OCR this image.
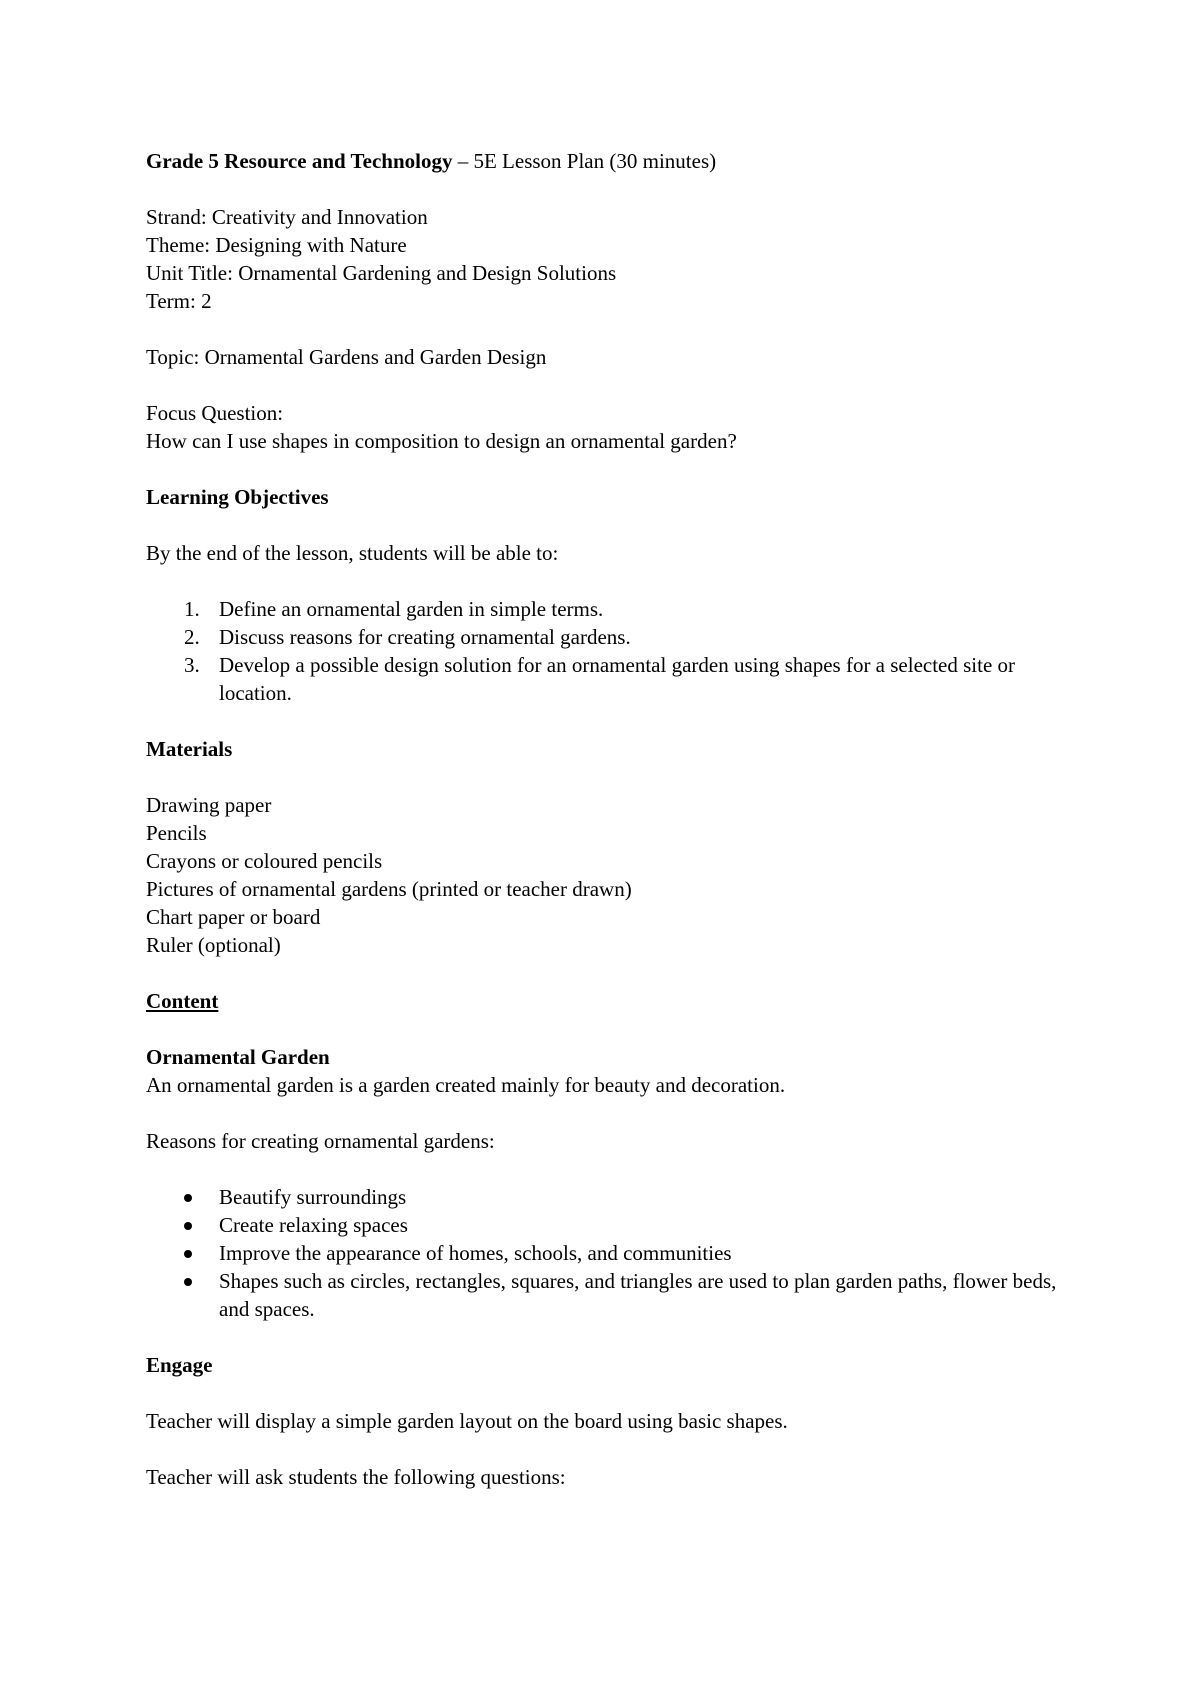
Grade 5 Resource and Technology – 5E Lesson Plan (30 minutes)
Strand: Creativity and Innovation
Theme: Designing with Nature
Unit Title: Ornamental Gardening and Design Solutions
Term: 2
Topic: Ornamental Gardens and Garden Design
Focus Question:
How can I use shapes in composition to design an ornamental garden?
Learning Objectives
By the end of the lesson, students will be able to:
1. Define an ornamental garden in simple terms.
2. Discuss reasons for creating ornamental gardens.
3. Develop a possible design solution for an ornamental garden using shapes for a selected site or location.
Materials
Drawing paper
Pencils
Crayons or coloured pencils
Pictures of ornamental gardens (printed or teacher drawn)
Chart paper or board
Ruler (optional)
Content
Ornamental Garden
An ornamental garden is a garden created mainly for beauty and decoration.
Reasons for creating ornamental gardens:
Beautify surroundings
Create relaxing spaces
Improve the appearance of homes, schools, and communities
Shapes such as circles, rectangles, squares, and triangles are used to plan garden paths, flower beds, and spaces.
Engage
Teacher will display a simple garden layout on the board using basic shapes.
Teacher will ask students the following questions:
